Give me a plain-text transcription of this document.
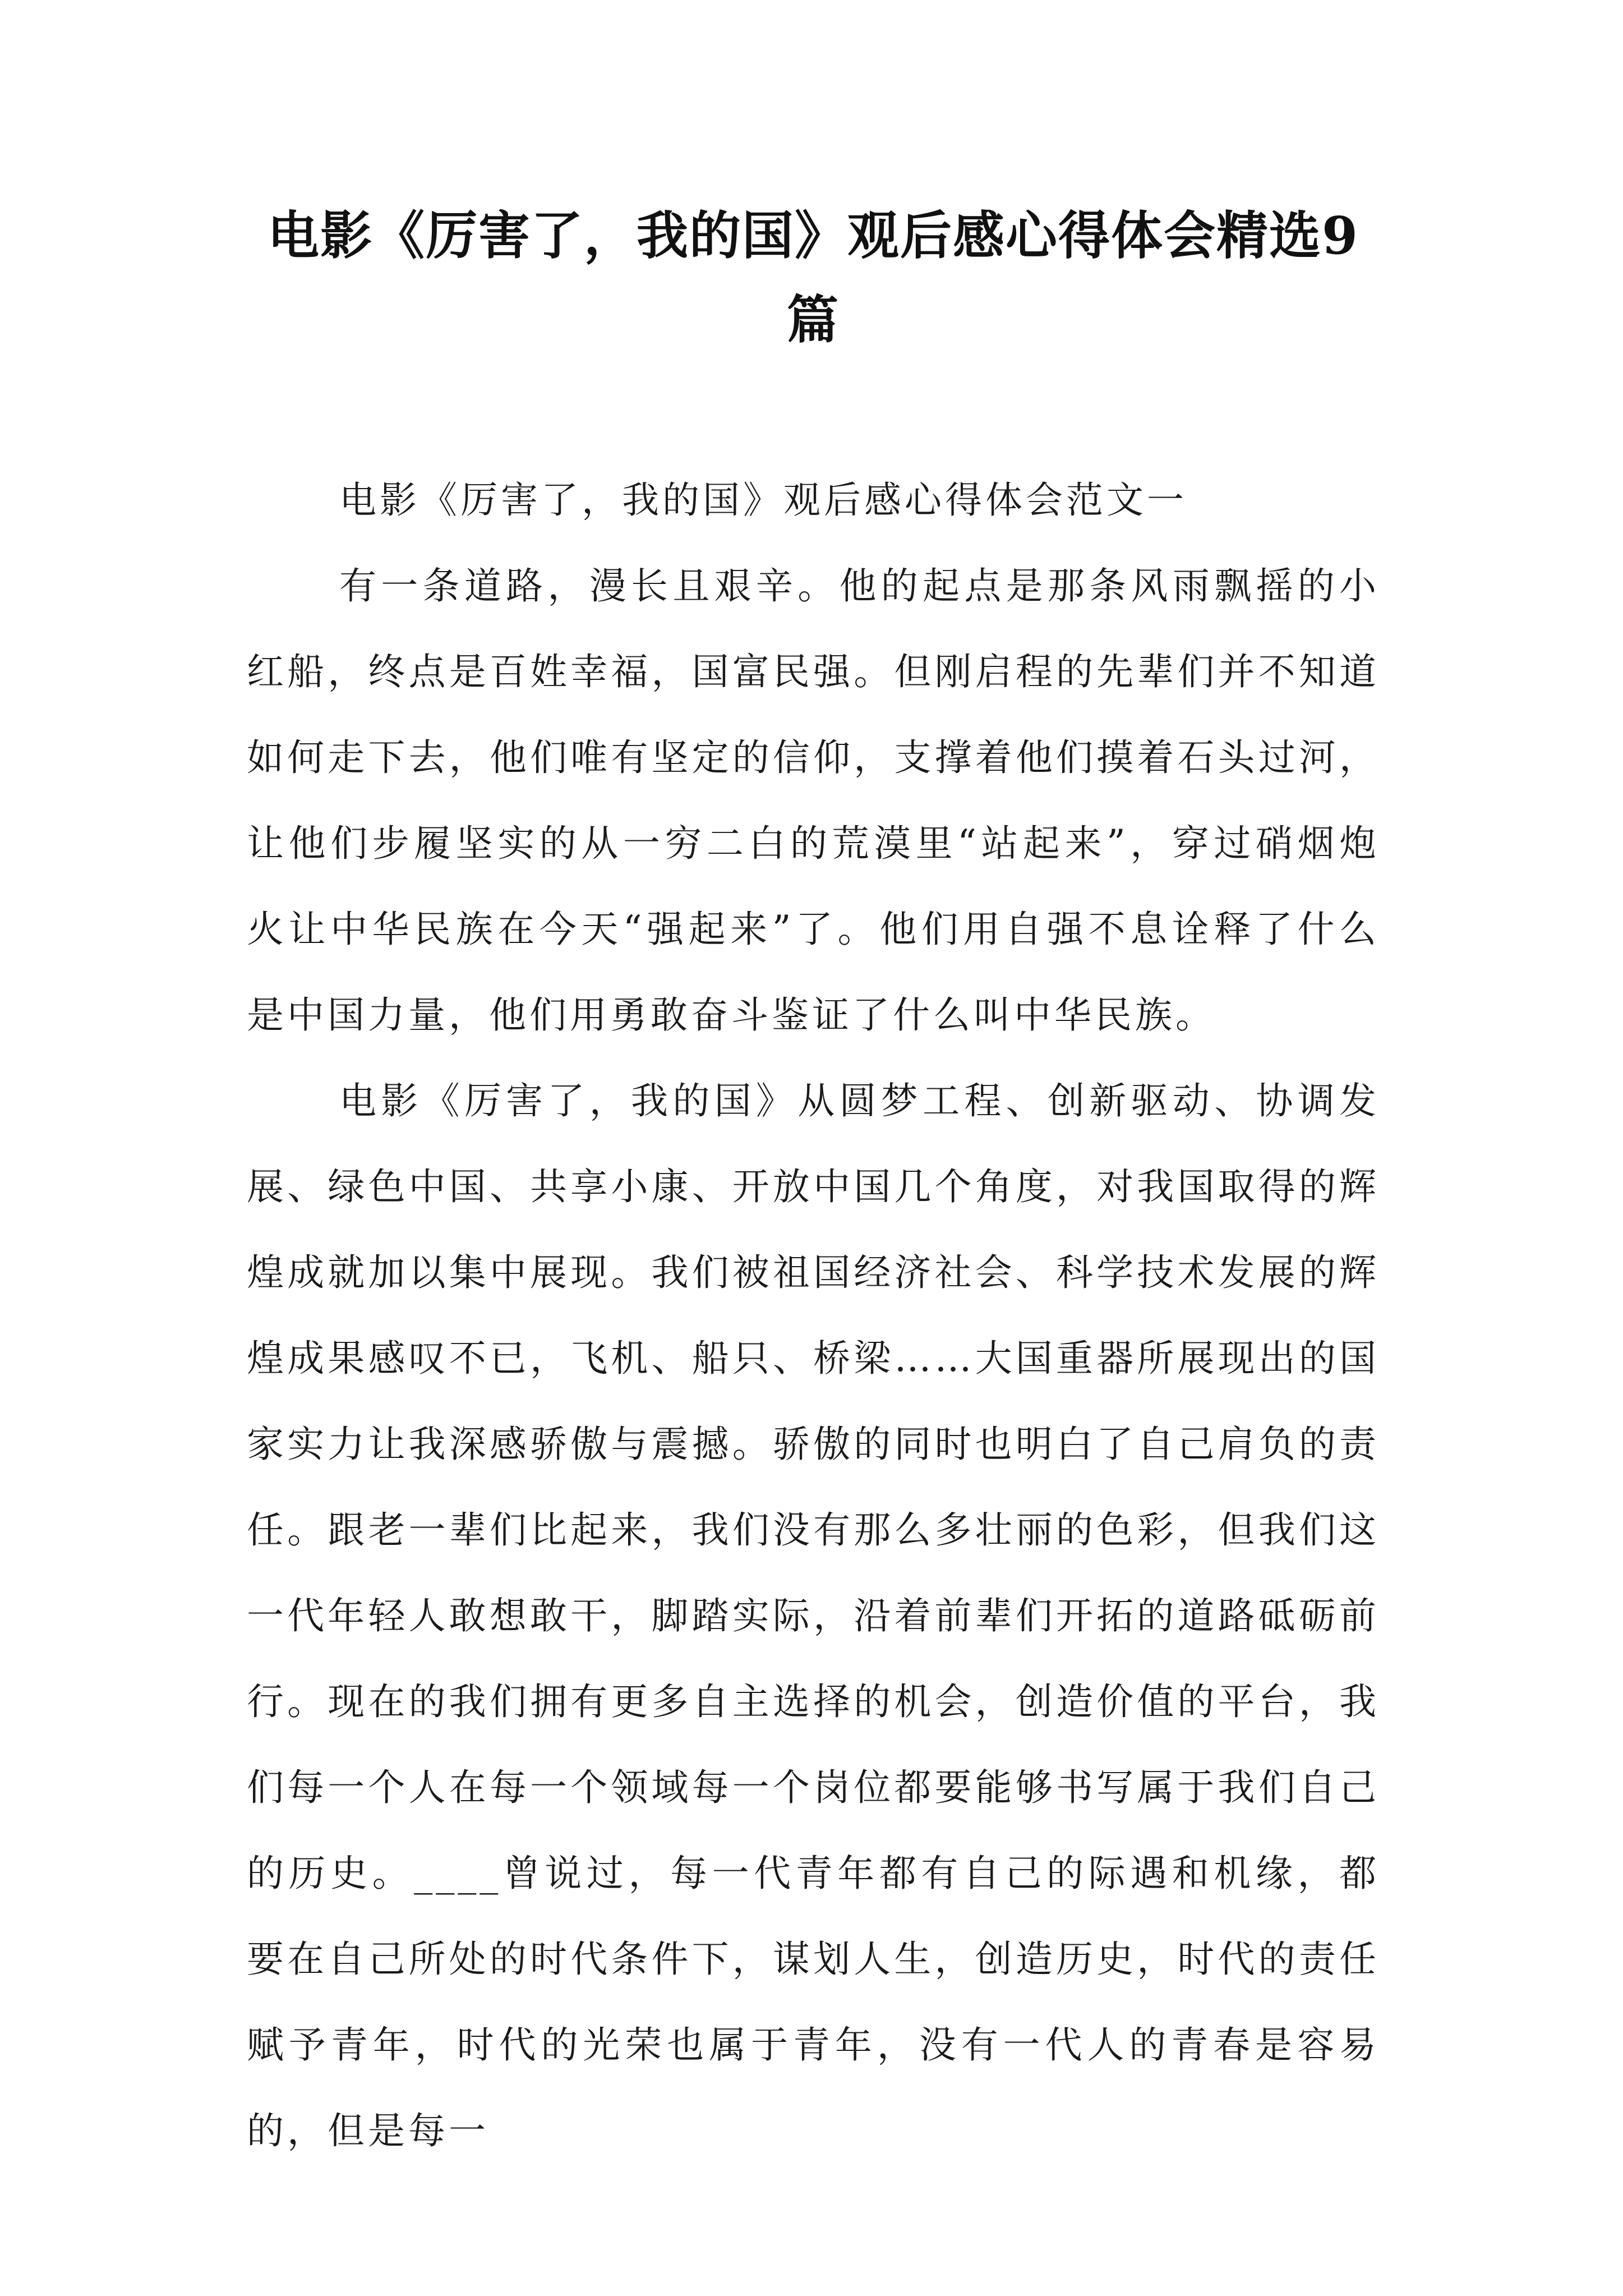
电影《厉害了，我的国》观后感心得体会精选9篇

电影《厉害了，我的国》观后感心得体会范文一

有一条道路，漫长且艰辛。他的起点是那条风雨飘摇的小红船，终点是百姓幸福，国富民强。但刚启程的先辈们并不知道如何走下去，他们唯有坚定的信仰，支撑着他们摸着石头过河，让他们步履坚实的从一穷二白的荒漠里“站起来”，穿过硝烟炮火让中华民族在今天“强起来”了。他们用自强不息诠释了什么是中国力量，他们用勇敢奋斗鉴证了什么叫中华民族。

电影《厉害了，我的国》从圆梦工程、创新驱动、协调发展、绿色中国、共享小康、开放中国几个角度，对我国取得的辉煌成就加以集中展现。我们被祖国经济社会、科学技术发展的辉煌成果感叹不已，飞机、船只、桥梁……大国重器所展现出的国家实力让我深感骄傲与震撼。骄傲的同时也明白了自己肩负的责任。跟老一辈们比起来，我们没有那么多壮丽的色彩，但我们这一代年轻人敢想敢干，脚踏实际，沿着前辈们开拓的道路砥砺前行。现在的我们拥有更多自主选择的机会，创造价值的平台，我们每一个人在每一个领域每一个岗位都要能够书写属于我们自己的历史。____曾说过，每一代青年都有自己的际遇和机缘，都要在自己所处的时代条件下，谋划人生，创造历史，时代的责任赋予青年，时代的光荣也属于青年，没有一代人的青春是容易的，但是每一
